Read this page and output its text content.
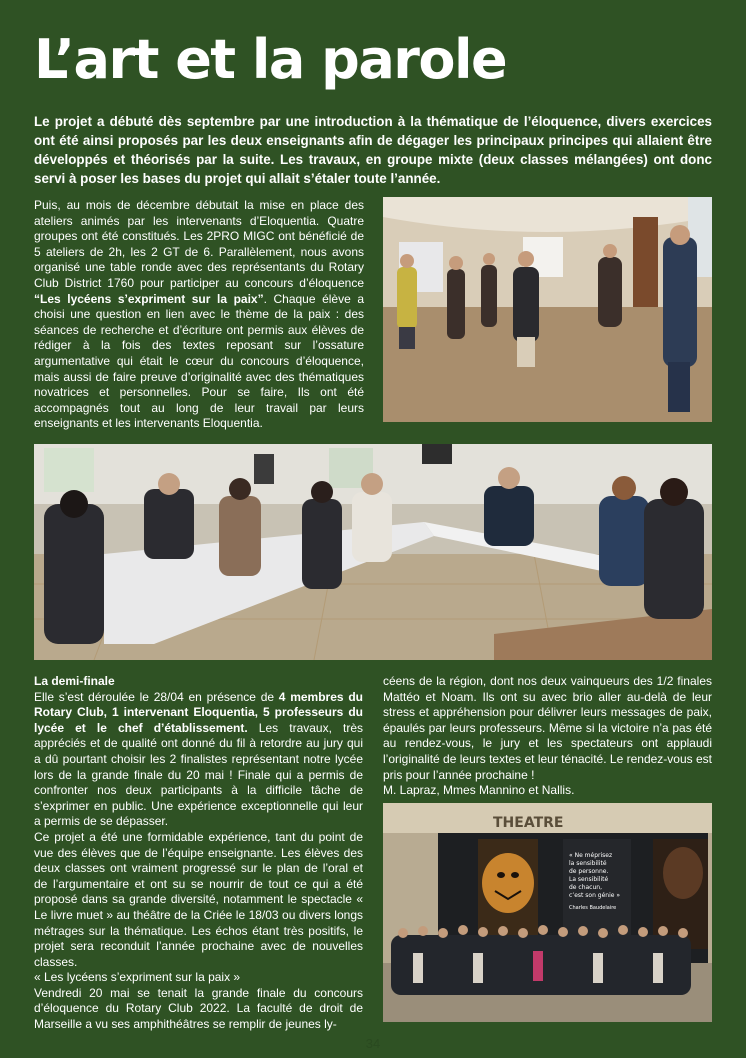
L’art et la parole

Le projet a débuté dès septembre par une introduction à la thématique de l’éloquence, divers exercices ont été ainsi proposés par les deux enseignants afin de dégager les principaux principes qui allaient être développés et théorisés par la suite. Les travaux, en groupe mixte (deux classes mélangées) ont donc servi à poser les bases du projet qui allait s’étaler toute l’année.

Puis, au mois de décembre débutait la mise en place des ateliers animés par les intervenants d’Eloquentia. Quatre groupes ont été constitués. Les 2PRO MIGC ont bénéficié de 5 ateliers de 2h, les 2 GT de 6. Parallèlement, nous avons organisé une table ronde avec des représentants du Rotary Club District 1760 pour participer au concours d’éloquence “Les lycéens s’expriment sur la paix”. Chaque élève a choisi une question en lien avec le thème de la paix : des séances de recherche et d’écriture ont permis aux élèves de rédiger à la fois des textes reposant sur l’ossature argumentative qui était le cœur du concours d’éloquence, mais aussi de faire preuve d’originalité avec des thématiques novatrices et personnelles. Pour se faire, Ils ont été accompagnés tout au long de leur travail par leurs enseignants et les intervenants Eloquentia.

La demi-finale

Elle s’est déroulée le 28/04 en présence de 4 membres du Rotary Club, 1 intervenant Eloquentia, 5 professeurs du lycée et le chef d’établissement. Les travaux, très appréciés et de qualité ont donné du fil à retordre au jury qui a dû pourtant choisir les 2 finalistes représentant notre lycée lors de la grande finale du 20 mai ! Finale qui a permis de confronter nos deux participants à la difficile tâche de s’exprimer en public. Une expérience exceptionnelle qui leur a permis de se dépasser.

Ce projet a été une formidable expérience, tant du point de vue des élèves que de l’équipe enseignante. Les élèves des deux classes ont vraiment progressé sur le plan de l’oral et de l’argumentaire et ont su se nourrir de tout ce qui a été proposé dans sa grande diversité, notamment le spectacle « Le livre muet » au théâtre de la Criée le 18/03 ou divers longs métrages sur la thématique. Les échos étant très positifs, le projet sera reconduit l’année prochaine avec de nouvelles classes.

« Les lycéens s’expriment sur la paix »

Vendredi 20 mai se tenait la grande finale du concours d’éloquence du Rotary Club 2022. La faculté de droit de Marseille a vu ses amphithéâtres se remplir de jeunes ly-

céens de la région, dont nos deux vainqueurs des 1/2 finales Mattéo et Noam. Ils ont su avec brio aller au-delà de leur stress et appréhension pour délivrer leurs messages de paix, épaulés par leurs professeurs. Même si la victoire n’a pas été au rendez-vous, le jury et les spectateurs ont applaudi l’originalité de leurs textes et leur ténacité. Le rendez-vous est pris pour l’année prochaine !

M. Lapraz, Mmes Mannino et Nallis.

THEATRE
« Ne méprisez
la sensibilité
de personne.
La sensibilité
de chacun,
c’est son génie »
Charles Baudelaire
34
